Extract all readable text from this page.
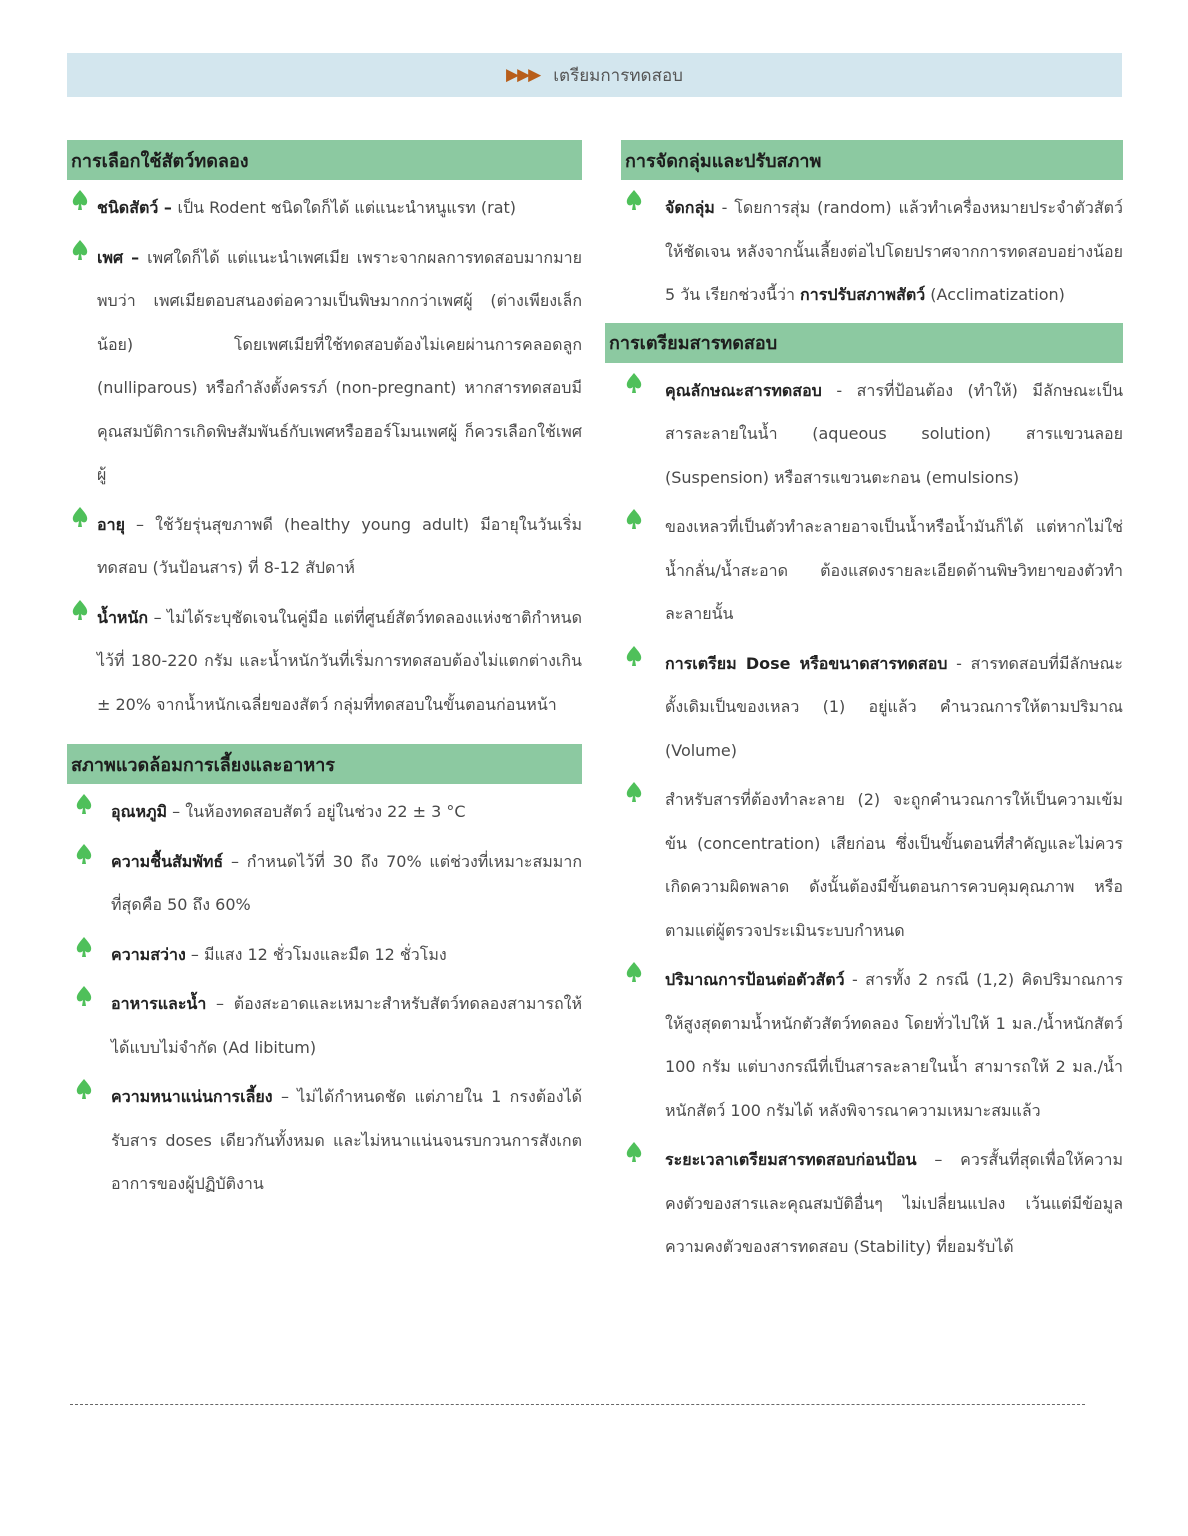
▶▶▶ เตรียมการทดสอบ
การเลือกใช้สัตว์ทดลอง
ชนิดสัตว์ – เป็น Rodent ชนิดใดก็ได้ แต่แนะนำหนูแรท (rat)
เพศ – เพศใดก็ได้ แต่แนะนำเพศเมีย เพราะจากผลการทดสอบมากมายพบว่า เพศเมียตอบสนองต่อความเป็นพิษมากกว่าเพศผู้ (ต่างเพียงเล็กน้อย) โดยเพศเมียที่ใช้ทดสอบต้องไม่เคยผ่านการคลอดลูก (nulliparous) หรือกำลังตั้งครรภ์ (non-pregnant) หากสารทดสอบมีคุณสมบัติการเกิดพิษสัมพันธ์กับเพศหรือฮอร์โมนเพศผู้ ก็ควรเลือกใช้เพศผู้
อายุ – ใช้วัยรุ่นสุขภาพดี (healthy young adult) มีอายุในวันเริ่มทดสอบ (วันป้อนสาร) ที่ 8-12 สัปดาห์
น้ำหนัก – ไม่ได้ระบุชัดเจนในคู่มือ แต่ที่ศูนย์สัตว์ทดลองแห่งชาติกำหนดไว้ที่ 180-220 กรัม และน้ำหนักวันที่เริ่มการทดสอบต้องไม่แตกต่างเกิน ± 20% จากน้ำหนักเฉลี่ยของสัตว์ กลุ่มที่ทดสอบในขั้นตอนก่อนหน้า
สภาพแวดล้อมการเลี้ยงและอาหาร
อุณหภูมิ – ในห้องทดสอบสัตว์ อยู่ในช่วง 22 ± 3 °C
ความชื้นสัมพัทธ์ – กำหนดไว้ที่ 30 ถึง 70% แต่ช่วงที่เหมาะสมมากที่สุดคือ 50 ถึง 60%
ความสว่าง – มีแสง 12 ชั่วโมงและมืด 12 ชั่วโมง
อาหารและน้ำ – ต้องสะอาดและเหมาะสำหรับสัตว์ทดลองสามารถให้ได้แบบไม่จำกัด (Ad libitum)
ความหนาแน่นการเลี้ยง – ไม่ได้กำหนดชัด แต่ภายใน 1 กรงต้องได้รับสาร doses เดียวกันทั้งหมด และไม่หนาแน่นจนรบกวนการสังเกตอาการของผู้ปฏิบัติงาน
การจัดกลุ่มและปรับสภาพ
จัดกลุ่ม - โดยการสุ่ม (random) แล้วทำเครื่องหมายประจำตัวสัตว์ให้ชัดเจน หลังจากนั้นเลี้ยงต่อไปโดยปราศจากการทดสอบอย่างน้อย 5 วัน เรียกช่วงนี้ว่า การปรับสภาพสัตว์ (Acclimatization)
การเตรียมสารทดสอบ
คุณลักษณะสารทดสอบ - สารที่ป้อนต้อง (ทำให้) มีลักษณะเป็นสารละลายในน้ำ (aqueous solution) สารแขวนลอย (Suspension) หรือสารแขวนตะกอน (emulsions)
ของเหลวที่เป็นตัวทำละลายอาจเป็นน้ำหรือน้ำมันก็ได้ แต่หากไม่ใช่น้ำกลั่น/น้ำสะอาด ต้องแสดงรายละเอียดด้านพิษวิทยาของตัวทำละลายนั้น
การเตรียม Dose หรือขนาดสารทดสอบ - สารทดสอบที่มีลักษณะดั้งเดิมเป็นของเหลว (1) อยู่แล้ว คำนวณการให้ตามปริมาณ (Volume)
สำหรับสารที่ต้องทำละลาย (2) จะถูกคำนวณการให้เป็นความเข้มข้น (concentration) เสียก่อน ซึ่งเป็นขั้นตอนที่สำคัญและไม่ควรเกิดความผิดพลาด ดังนั้นต้องมีขั้นตอนการควบคุมคุณภาพ หรือตามแต่ผู้ตรวจประเมินระบบกำหนด
ปริมาณการป้อนต่อตัวสัตว์ - สารทั้ง 2 กรณี (1,2) คิดปริมาณการให้สูงสุดตามน้ำหนักตัวสัตว์ทดลอง โดยทั่วไปให้ 1 มล./น้ำหนักสัตว์ 100 กรัม แต่บางกรณีที่เป็นสารละลายในน้ำ สามารถให้ 2 มล./น้ำหนักสัตว์ 100 กรัมได้ หลังพิจารณาความเหมาะสมแล้ว
ระยะเวลาเตรียมสารทดสอบก่อนป้อน – ควรสั้นที่สุดเพื่อให้ความคงตัวของสารและคุณสมบัติอื่นๆ ไม่เปลี่ยนแปลง เว้นแต่มีข้อมูลความคงตัวของสารทดสอบ (Stability) ที่ยอมรับได้
